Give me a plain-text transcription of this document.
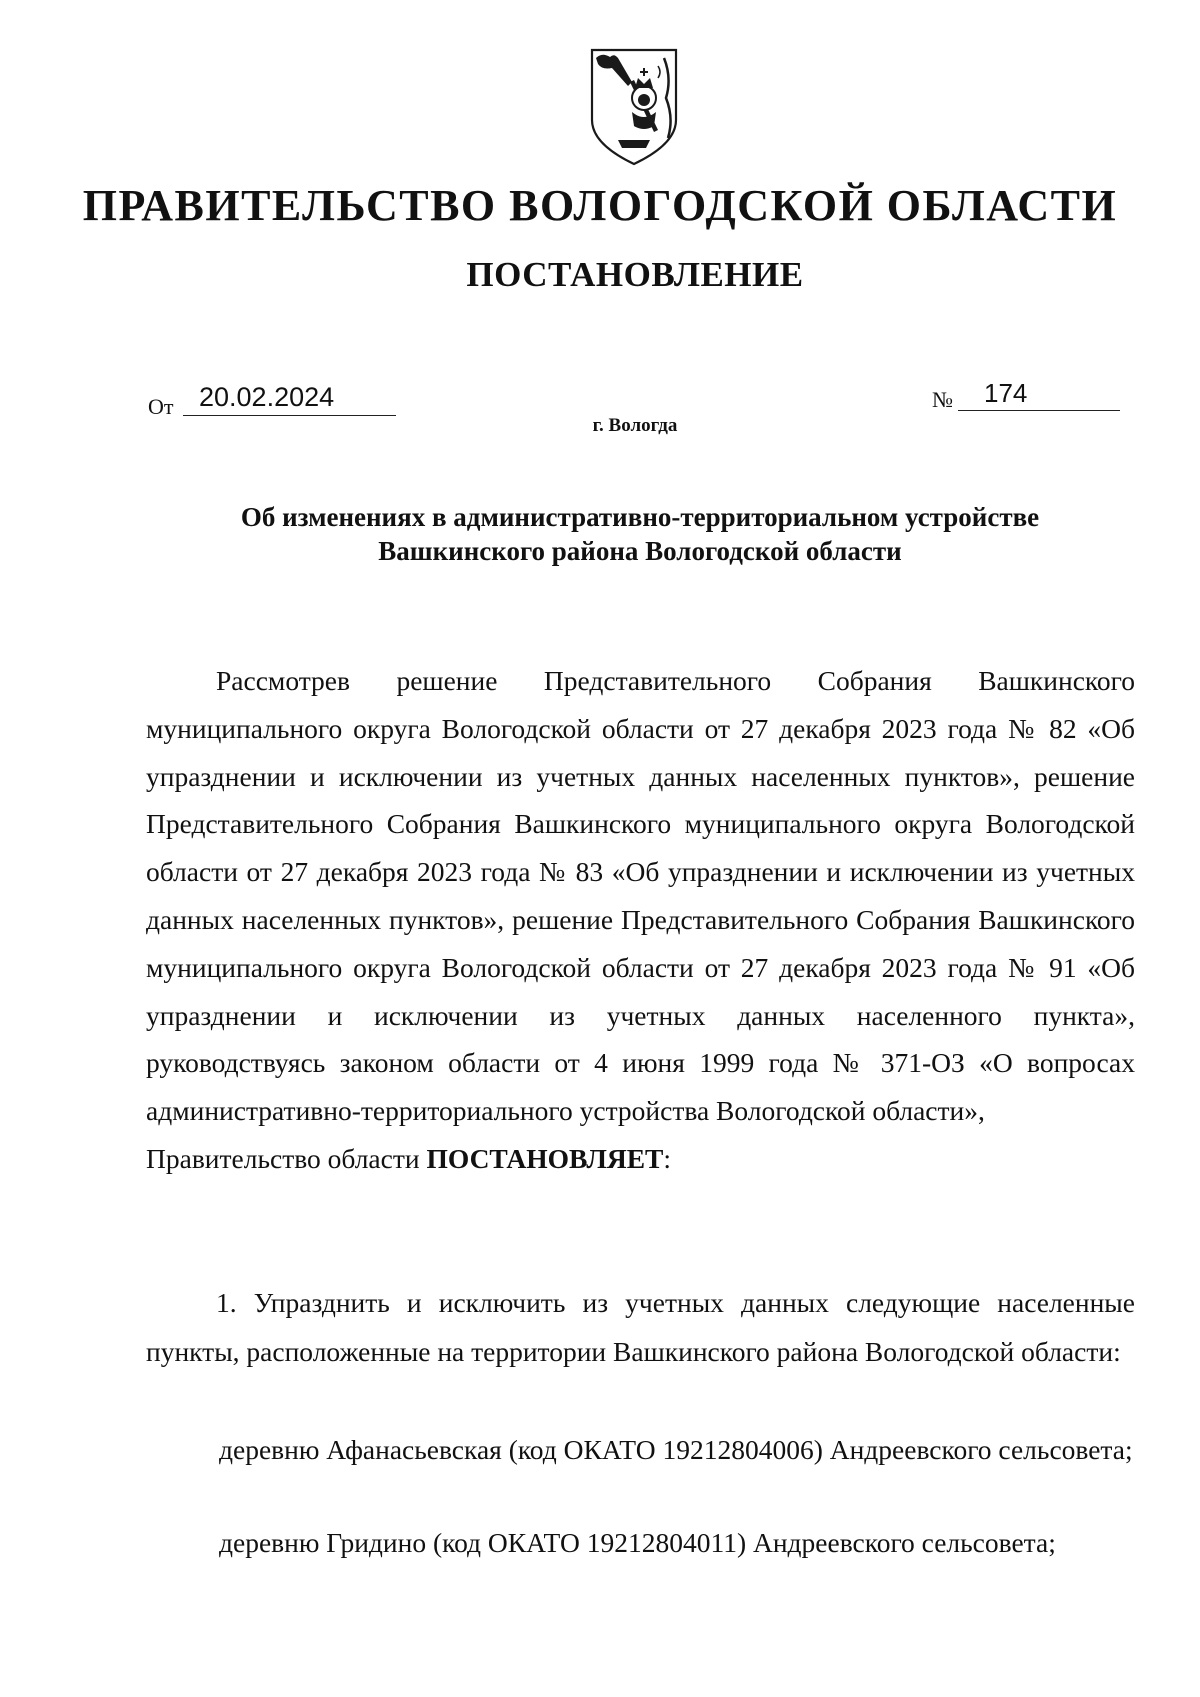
ПРАВИТЕЛЬСТВО ВОЛОГОДСКОЙ ОБЛАСТИ
ПОСТАНОВЛЕНИЕ
От 20.02.2024	№	174
г. Вологда
Об изменениях в административно-территориальном устройстве
Вашкинского района Вологодской области

Рассмотрев решение Представительного Собрания Вашкинского муниципального округа Вологодской области от 27 декабря 2023 года № 82 «Об упразднении и исключении из учетных данных населенных пунктов», решение Представительного Собрания Вашкинского муниципального округа Вологодской области от 27 декабря 2023 года № 83 «Об упразднении и исключении из учетных данных населенных пунктов», решение Представительного Собрания Вашкинского муниципального округа Вологодской области от 27 декабря 2023 года № 91 «Об упразднении и исключении из учетных данных населенного пункта», руководствуясь законом области от 4 июня 1999 года № 371-ОЗ «О вопросах административно-территориального устройства Вологодской области»,

Правительство области ПОСТАНОВЛЯЕТ:

1. Упразднить и исключить из учетных данных следующие населенные пункты, расположенные на территории Вашкинского района Вологодской области:

деревню Афанасьевская (код ОКАТО 19212804006) Андреевского сельсовета;

деревню Гридино (код ОКАТО 19212804011) Андреевского сельсовета;
